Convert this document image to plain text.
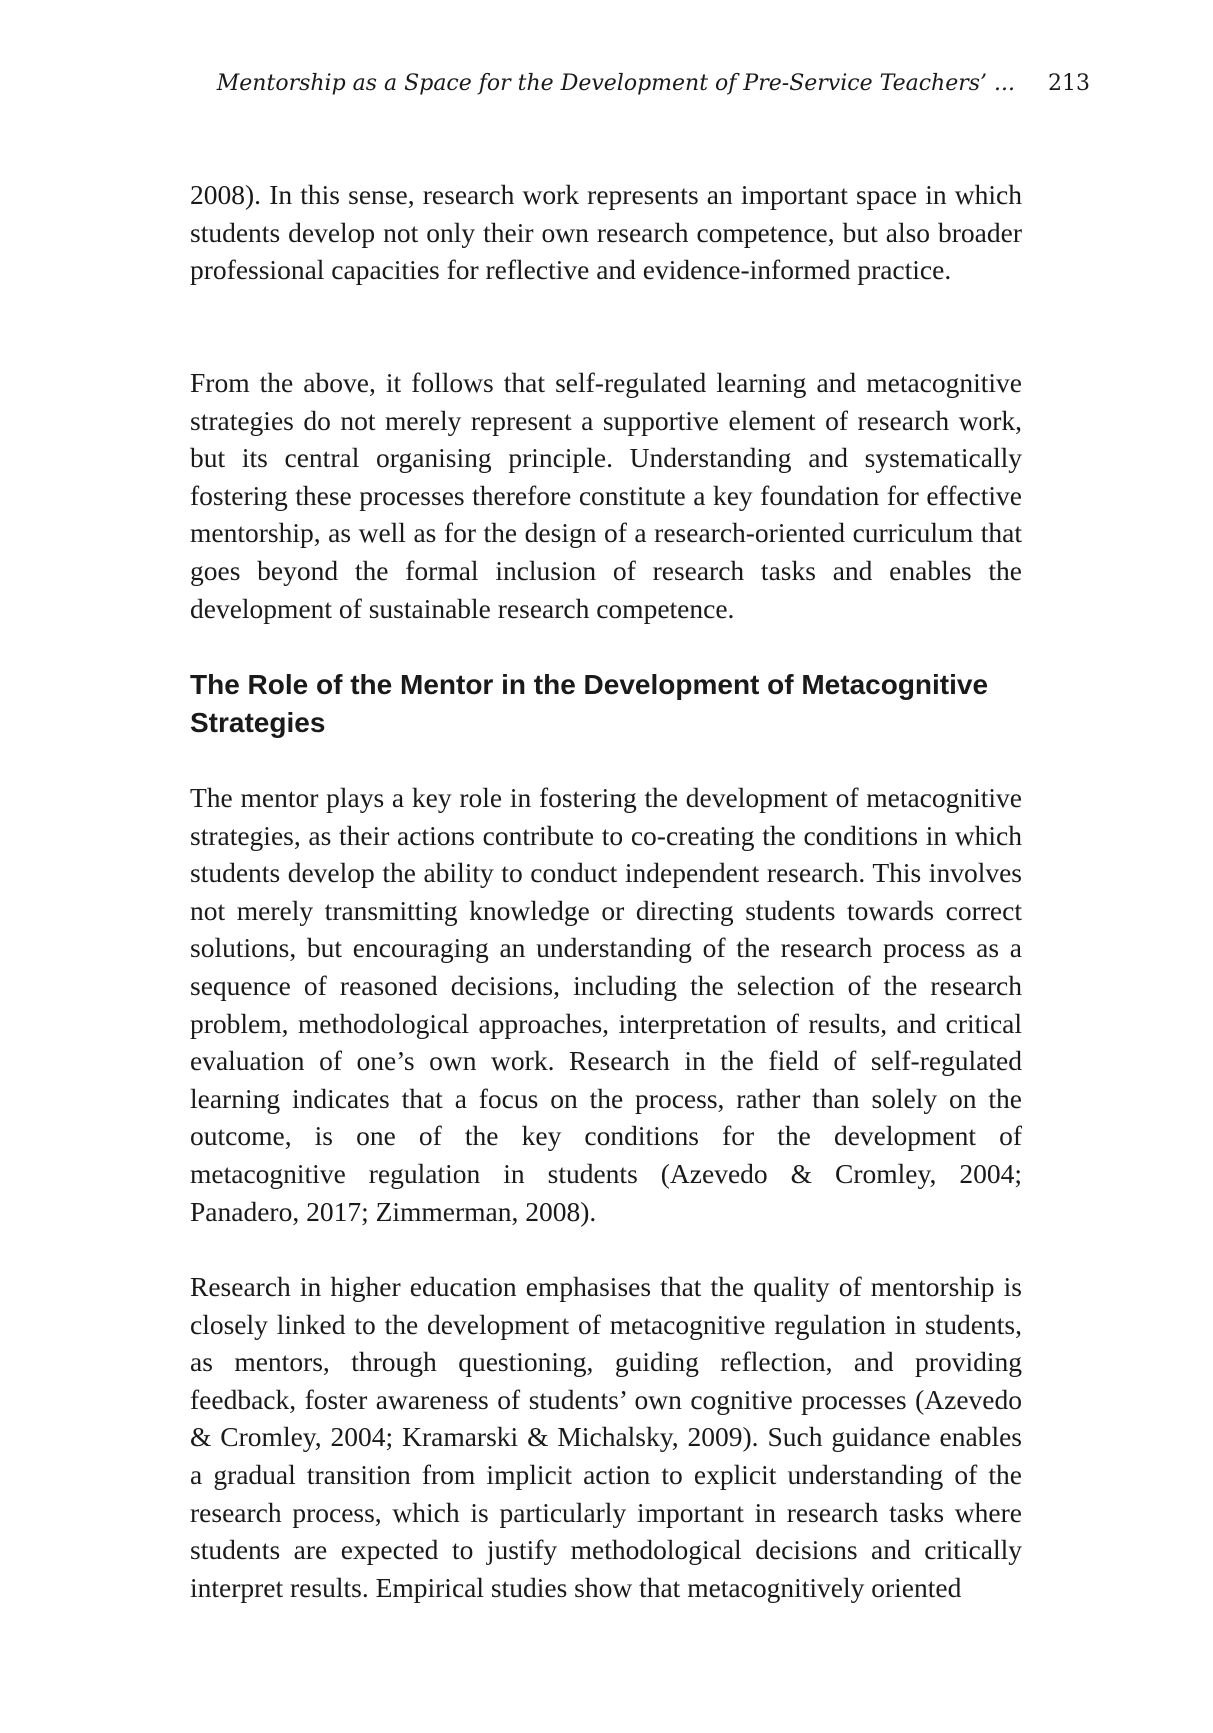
Mentorship as a Space for the Development of Pre-Service Teachers’ ... 213

2008). In this sense, research work represents an important space in which students develop not only their own research competence, but also broader professional capacities for reflective and evidence-informed practice.

From the above, it follows that self-regulated learning and metacognitive strategies do not merely represent a supportive element of research work, but its central organising principle. Understanding and systematically fostering these processes therefore constitute a key foundation for effective mentorship, as well as for the design of a research-oriented curriculum that goes beyond the formal inclusion of research tasks and enables the development of sustainable research competence.

The Role of the Mentor in the Development of Metacognitive Strategies

The mentor plays a key role in fostering the development of metacognitive strategies, as their actions contribute to co-creating the conditions in which students develop the ability to conduct independent research. This involves not merely transmitting knowledge or directing students towards correct solutions, but encouraging an understanding of the research process as a sequence of reasoned decisions, including the selection of the research problem, methodological approaches, interpretation of results, and critical evaluation of one’s own work. Research in the field of self-regulated learning indicates that a focus on the process, rather than solely on the outcome, is one of the key conditions for the development of metacognitive regulation in students (Azevedo & Cromley, 2004; Panadero, 2017; Zimmerman, 2008).

Research in higher education emphasises that the quality of mentorship is closely linked to the development of metacognitive regulation in students, as mentors, through questioning, guiding reflection, and providing feedback, foster awareness of students’ own cognitive processes (Azevedo & Cromley, 2004; Kramarski & Michalsky, 2009). Such guidance enables a gradual transition from implicit action to explicit understanding of the research process, which is particularly important in research tasks where students are expected to justify methodological decisions and critically interpret results. Empirical studies show that metacognitively oriented
